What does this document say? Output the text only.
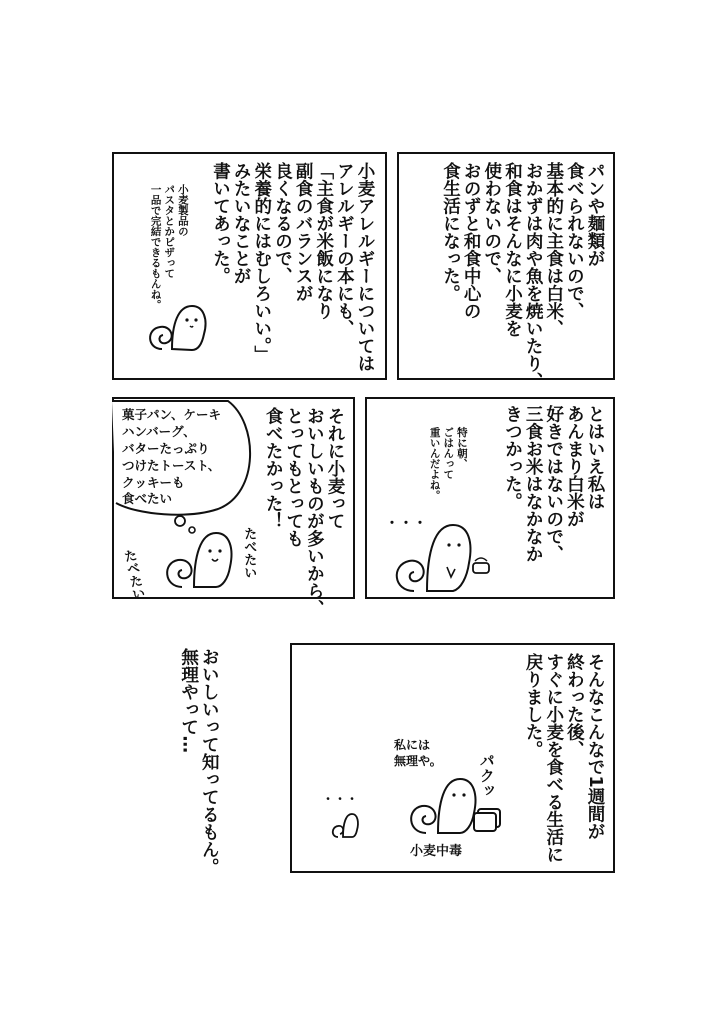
パンや麺類が
食べられないので、
基本的に主食は白米、
おかずは肉や魚を焼いたり、
和食はそんなに小麦を
使わないので、
おのずと和食中心の
食生活になった。
小麦アレルギーについては
アレルギーの本にも、
「主食が米飯になり
副食のバランスが
良くなるので、
栄養的にはむしろいい。」
みたいなことが
書いてあった。
小麦製品の
パスタとかピザって
一品で完結できるもんね。
とはいえ私は
あんまり白米が
好きではないので、
三食お米はなかなか
きつかった。
特に朝、
ごはんって
重いんだよね。
・・・
それに小麦って
おいしいものが多いから、
とってもとっても
食べたかった！
菓子パン、ケーキ
ハンバーグ、
バターたっぷり
つけたトースト、
クッキーも
食べたい
たべたい	たべたい
そんなこんなで1週間が
終わった後、
すぐに小麦を食べる生活に
戻りました。
私には
無理や。 パクッ
・・・
小麦中毒
おいしいって知ってるもん。
無理やって…
